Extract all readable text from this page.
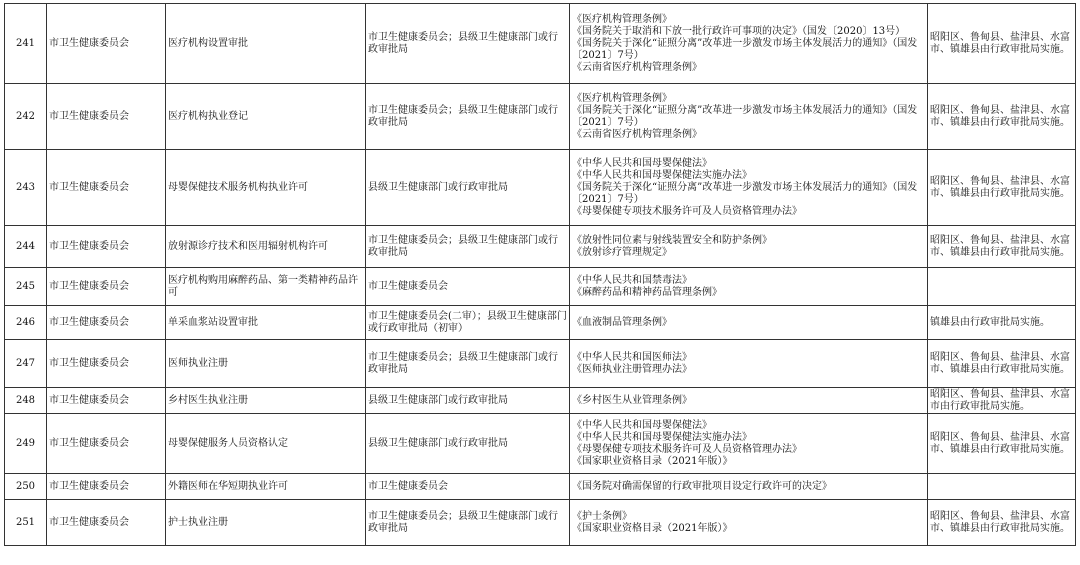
241	市卫生健康委员会	医疗机构设置审批	市卫生健康委员会；县级卫生健康部门或行政审批局	《医疗机构管理条例》
《国务院关于取消和下放一批行政许可事项的决定》（国发〔2020〕13号）
《国务院关于深化“证照分离”改革进一步激发市场主体发展活力的通知》（国发〔2021〕7号）
《云南省医疗机构管理条例》	昭阳区、鲁甸县、盐津县、水富市、镇雄县由行政审批局实施。
242	市卫生健康委员会	医疗机构执业登记	市卫生健康委员会；县级卫生健康部门或行政审批局	《医疗机构管理条例》
《国务院关于深化“证照分离”改革进一步激发市场主体发展活力的通知》（国发〔2021〕7号）
《云南省医疗机构管理条例》	昭阳区、鲁甸县、盐津县、水富市、镇雄县由行政审批局实施。
243	市卫生健康委员会	母婴保健技术服务机构执业许可	县级卫生健康部门或行政审批局	《中华人民共和国母婴保健法》
《中华人民共和国母婴保健法实施办法》
《国务院关于深化“证照分离”改革进一步激发市场主体发展活力的通知》（国发〔2021〕7号）
《母婴保健专项技术服务许可及人员资格管理办法》	昭阳区、鲁甸县、盐津县、水富市、镇雄县由行政审批局实施。
244	市卫生健康委员会	放射源诊疗技术和医用辐射机构许可	市卫生健康委员会；县级卫生健康部门或行政审批局	《放射性同位素与射线装置安全和防护条例》
《放射诊疗管理规定》	昭阳区、鲁甸县、盐津县、水富市、镇雄县由行政审批局实施。
245	市卫生健康委员会	医疗机构购用麻醉药品、第一类精神药品许可	市卫生健康委员会	《中华人民共和国禁毒法》
《麻醉药品和精神药品管理条例》	

246	市卫生健康委员会	单采血浆站设置审批	市卫生健康委员会(二审）；县级卫生健康部门或行政审批局（初审）	《血液制品管理条例》	镇雄县由行政审批局实施。
247	市卫生健康委员会	医师执业注册	市卫生健康委员会；县级卫生健康部门或行政审批局	《中华人民共和国医师法》
《医师执业注册管理办法》	昭阳区、鲁甸县、盐津县、水富市、镇雄县由行政审批局实施。
248	市卫生健康委员会	乡村医生执业注册	县级卫生健康部门或行政审批局	《乡村医生从业管理条例》	昭阳区、鲁甸县、盐津县、水富市由行政审批局实施。
249	市卫生健康委员会	母婴保健服务人员资格认定	县级卫生健康部门或行政审批局	《中华人民共和国母婴保健法》
《中华人民共和国母婴保健法实施办法》
《母婴保健专项技术服务许可及人员资格管理办法》
《国家职业资格目录（2021年版）》	昭阳区、鲁甸县、盐津县、水富市、镇雄县由行政审批局实施。
250	市卫生健康委员会	外籍医师在华短期执业许可	市卫生健康委员会	《国务院对确需保留的行政审批项目设定行政许可的决定》	

251	市卫生健康委员会	护士执业注册	市卫生健康委员会；县级卫生健康部门或行政审批局	《护士条例》
《国家职业资格目录（2021年版）》	昭阳区、鲁甸县、盐津县、水富市、镇雄县由行政审批局实施。
